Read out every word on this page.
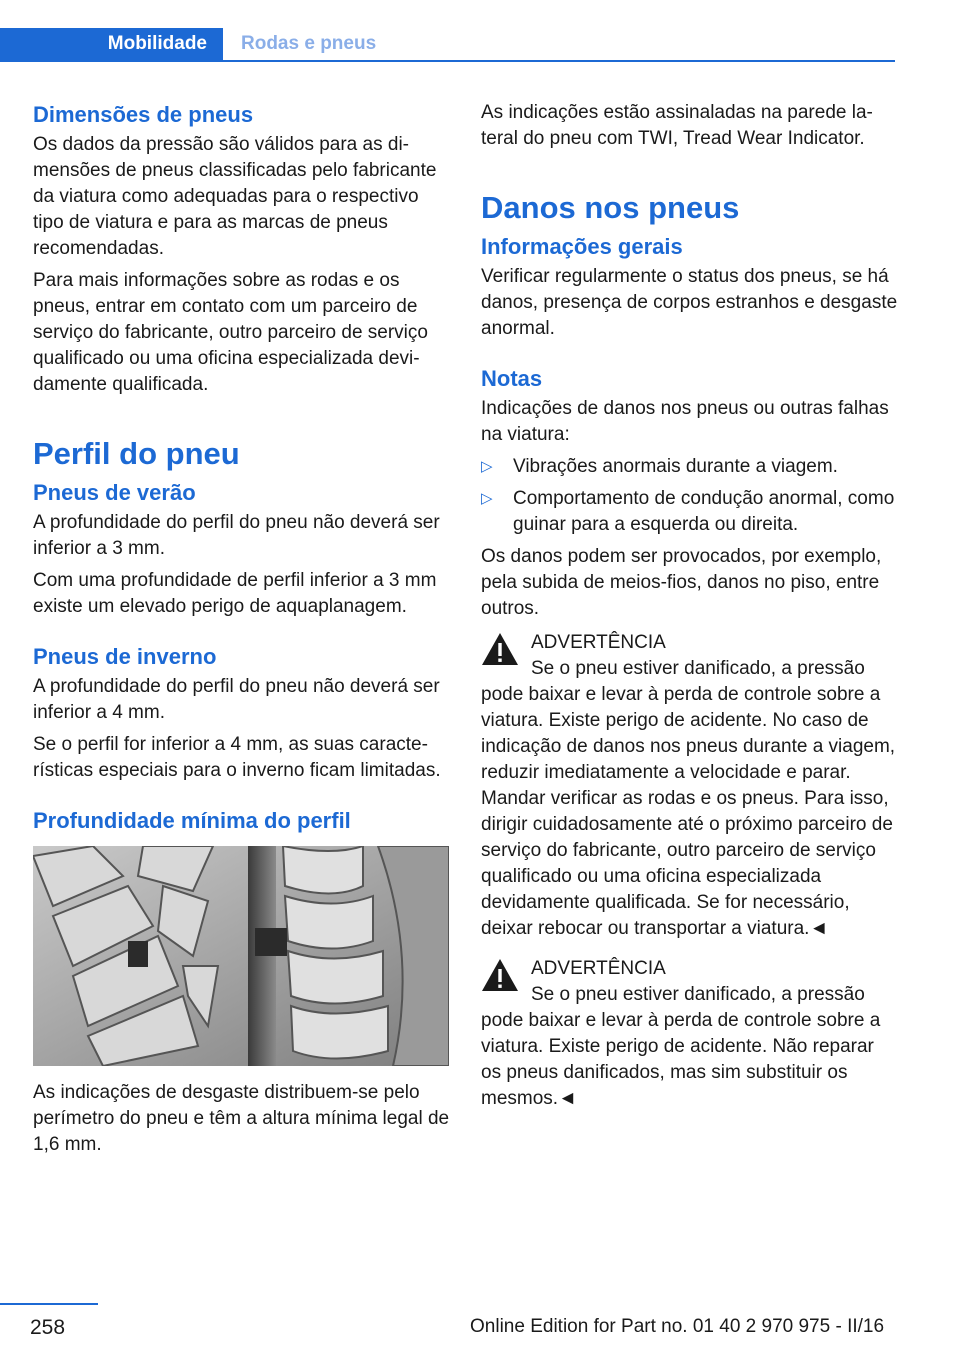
Mobilidade	Rodas e pneus
Dimensões de pneus

Os dados da pressão são válidos para as dimensões de pneus classificadas pelo fabricante da viatura como adequadas para o respectivo tipo de viatura e para as marcas de pneus recomendadas.

Para mais informações sobre as rodas e os pneus, entrar em contato com um parceiro de serviço do fabricante, outro parceiro de serviço qualificado ou uma oficina especializada devidamente qualificada.

Perfil do pneu
Pneus de verão

A profundidade do perfil do pneu não deverá ser inferior a 3 mm.

Com uma profundidade de perfil inferior a 3 mm existe um elevado perigo de aquaplanagem.

Pneus de inverno

A profundidade do perfil do pneu não deverá ser inferior a 4 mm.

Se o perfil for inferior a 4 mm, as suas características especiais para o inverno ficam limitadas.

Profundidade mínima do perfil

As indicações de desgaste distribuem-se pelo perímetro do pneu e têm a altura mínima legal de 1,6 mm.

As indicações estão assinaladas na parede lateral do pneu com TWI, Tread Wear Indicator.

Danos nos pneus
Informações gerais

Verificar regularmente o status dos pneus, se há danos, presença de corpos estranhos e desgaste anormal.

Notas

Indicações de danos nos pneus ou outras falhas na viatura:

▷ Vibrações anormais durante a viagem.
▷ Comportamento de condução anormal, como guinar para a esquerda ou direita.

Os danos podem ser provocados, por exemplo, pela subida de meios-fios, danos no piso, entre outros.

ADVERTÊNCIA

Se o pneu estiver danificado, a pressão

pode baixar e levar à perda de controle sobre a viatura. Existe perigo de acidente. No caso de indicação de danos nos pneus durante a viagem, reduzir imediatamente a velocidade e parar. Mandar verificar as rodas e os pneus. Para isso, dirigir cuidadosamente até o próximo parceiro de serviço do fabricante, outro parceiro de serviço qualificado ou uma oficina especializada devidamente qualificada. Se for necessário, deixar rebocar ou transportar a viatura.◄

ADVERTÊNCIA

Se o pneu estiver danificado, a pressão

pode baixar e levar à perda de controle sobre a viatura. Existe perigo de acidente. Não reparar os pneus danificados, mas sim substituir os mesmos.◄

258	Online Edition for Part no. 01 40 2 970 975 - II/16
